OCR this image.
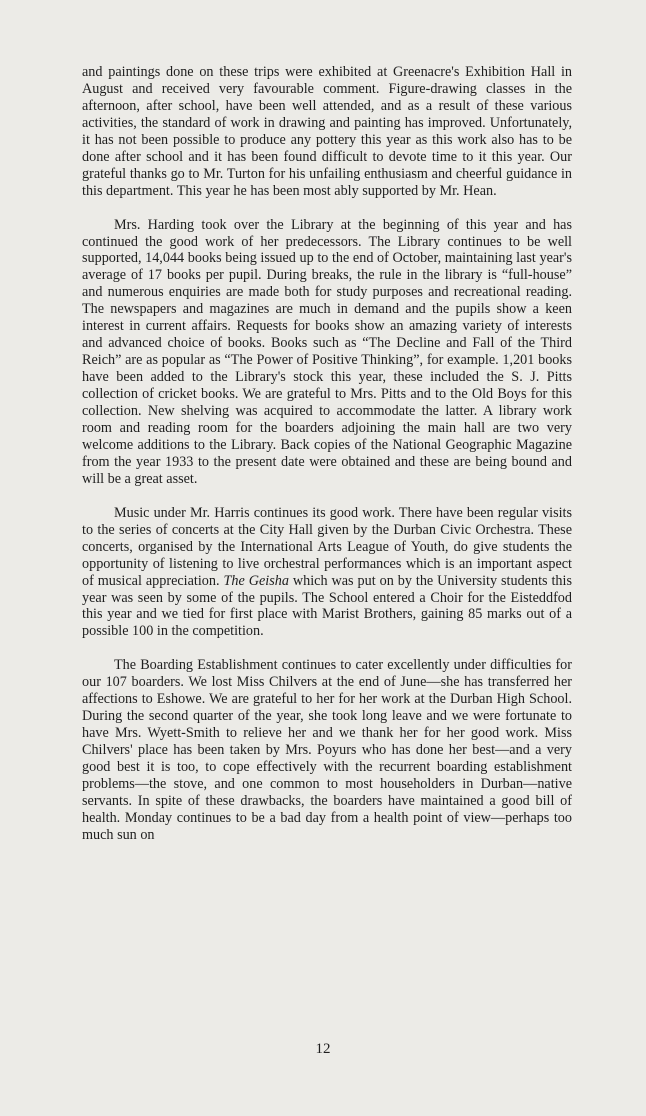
and paintings done on these trips were exhibited at Greenacre's Exhibition Hall in August and received very favourable comment. Figure-drawing classes in the afternoon, after school, have been well attended, and as a result of these various activities, the standard of work in drawing and painting has improved. Unfortunately, it has not been possible to produce any pottery this year as this work also has to be done after school and it has been found difficult to devote time to it this year. Our grateful thanks go to Mr. Turton for his unfailing enthusiasm and cheerful guidance in this department. This year he has been most ably supported by Mr. Hean.

Mrs. Harding took over the Library at the beginning of this year and has continued the good work of her predecessors. The Library continues to be well supported, 14,044 books being issued up to the end of October, maintaining last year's average of 17 books per pupil. During breaks, the rule in the library is “full-house” and numerous enquiries are made both for study purposes and recreational reading. The newspapers and magazines are much in demand and the pupils show a keen interest in current affairs. Requests for books show an amazing variety of interests and advanced choice of books. Books such as “The Decline and Fall of the Third Reich” are as popular as “The Power of Positive Thinking”, for example. 1,201 books have been added to the Library's stock this year, these included the S. J. Pitts collection of cricket books. We are grateful to Mrs. Pitts and to the Old Boys for this collection. New shelving was acquired to accommodate the latter. A library work room and reading room for the boarders adjoining the main hall are two very welcome additions to the Library. Back copies of the National Geographic Magazine from the year 1933 to the present date were obtained and these are being bound and will be a great asset.

Music under Mr. Harris continues its good work. There have been regular visits to the series of concerts at the City Hall given by the Durban Civic Orchestra. These concerts, organised by the International Arts League of Youth, do give students the opportunity of listening to live orchestral performances which is an important aspect of musical appreciation. The Geisha which was put on by the University students this year was seen by some of the pupils. The School entered a Choir for the Eisteddfod this year and we tied for first place with Marist Brothers, gaining 85 marks out of a possible 100 in the competition.

The Boarding Establishment continues to cater excellently under difficulties for our 107 boarders. We lost Miss Chilvers at the end of June—she has transferred her affections to Eshowe. We are grateful to her for her work at the Durban High School. During the second quarter of the year, she took long leave and we were fortunate to have Mrs. Wyett-Smith to relieve her and we thank her for her good work. Miss Chilvers' place has been taken by Mrs. Poyurs who has done her best—and a very good best it is too, to cope effectively with the recurrent boarding establishment problems—the stove, and one common to most householders in Durban—native servants. In spite of these drawbacks, the boarders have maintained a good bill of health. Monday continues to be a bad day from a health point of view—perhaps too much sun on

12
